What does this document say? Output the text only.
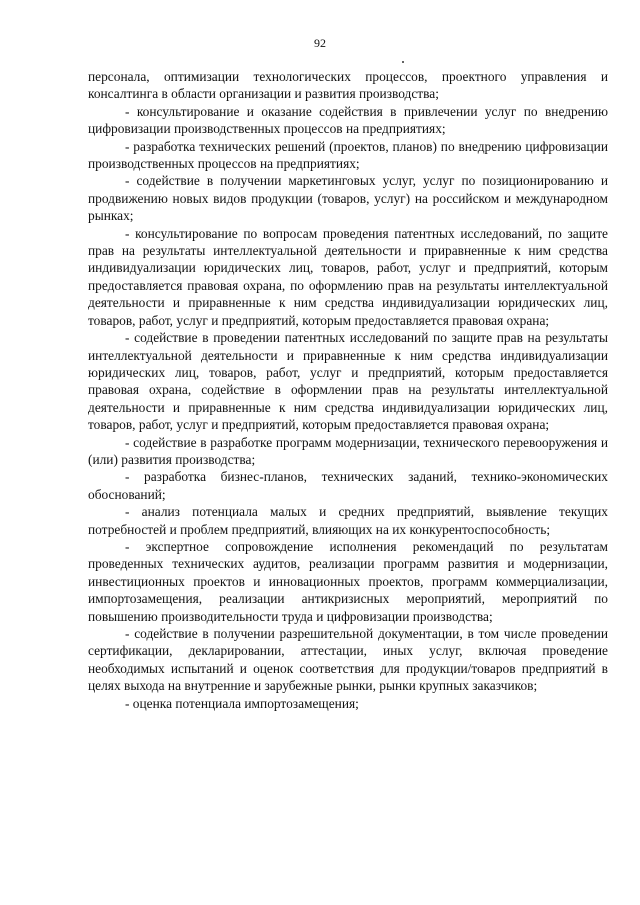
92

персонала, оптимизации технологических процессов, проектного управления и консалтинга в области организации и развития производства;

- консультирование и оказание содействия в привлечении услуг по внедрению цифровизации производственных процессов на предприятиях;

- разработка технических решений (проектов, планов) по внедрению цифровизации производственных процессов на предприятиях;

- содействие в получении маркетинговых услуг, услуг по позиционированию и продвижению новых видов продукции (товаров, услуг) на российском и международном рынках;

- консультирование по вопросам проведения патентных исследований, по защите прав на результаты интеллектуальной деятельности и приравненные к ним средства индивидуализации юридических лиц, товаров, работ, услуг и предприятий, которым предоставляется правовая охрана, по оформлению прав на результаты интеллектуальной деятельности и приравненные к ним средства индивидуализации юридических лиц, товаров, работ, услуг и предприятий, которым предоставляется правовая охрана;

- содействие в проведении патентных исследований по защите прав на результаты интеллектуальной деятельности и приравненные к ним средства индивидуализации юридических лиц, товаров, работ, услуг и предприятий, которым предоставляется правовая охрана, содействие в оформлении прав на результаты интеллектуальной деятельности и приравненные к ним средства индивидуализации юридических лиц, товаров, работ, услуг и предприятий, которым предоставляется правовая охрана;

- содействие в разработке программ модернизации, технического перевооружения и (или) развития производства;

- разработка бизнес-планов, технических заданий, технико-экономических обоснований;

- анализ потенциала малых и средних предприятий, выявление текущих потребностей и проблем предприятий, влияющих на их конкурентоспособность;

- экспертное сопровождение исполнения рекомендаций по результатам проведенных технических аудитов, реализации программ развития и модернизации, инвестиционных проектов и инновационных проектов, программ коммерциализации, импортозамещения, реализации антикризисных мероприятий, мероприятий по повышению производительности труда и цифровизации производства;

- содействие в получении разрешительной документации, в том числе проведении сертификации, декларировании, аттестации, иных услуг, включая проведение необходимых испытаний и оценок соответствия для продукции/товаров предприятий в целях выхода на внутренние и зарубежные рынки, рынки крупных заказчиков;

- оценка потенциала импортозамещения;
